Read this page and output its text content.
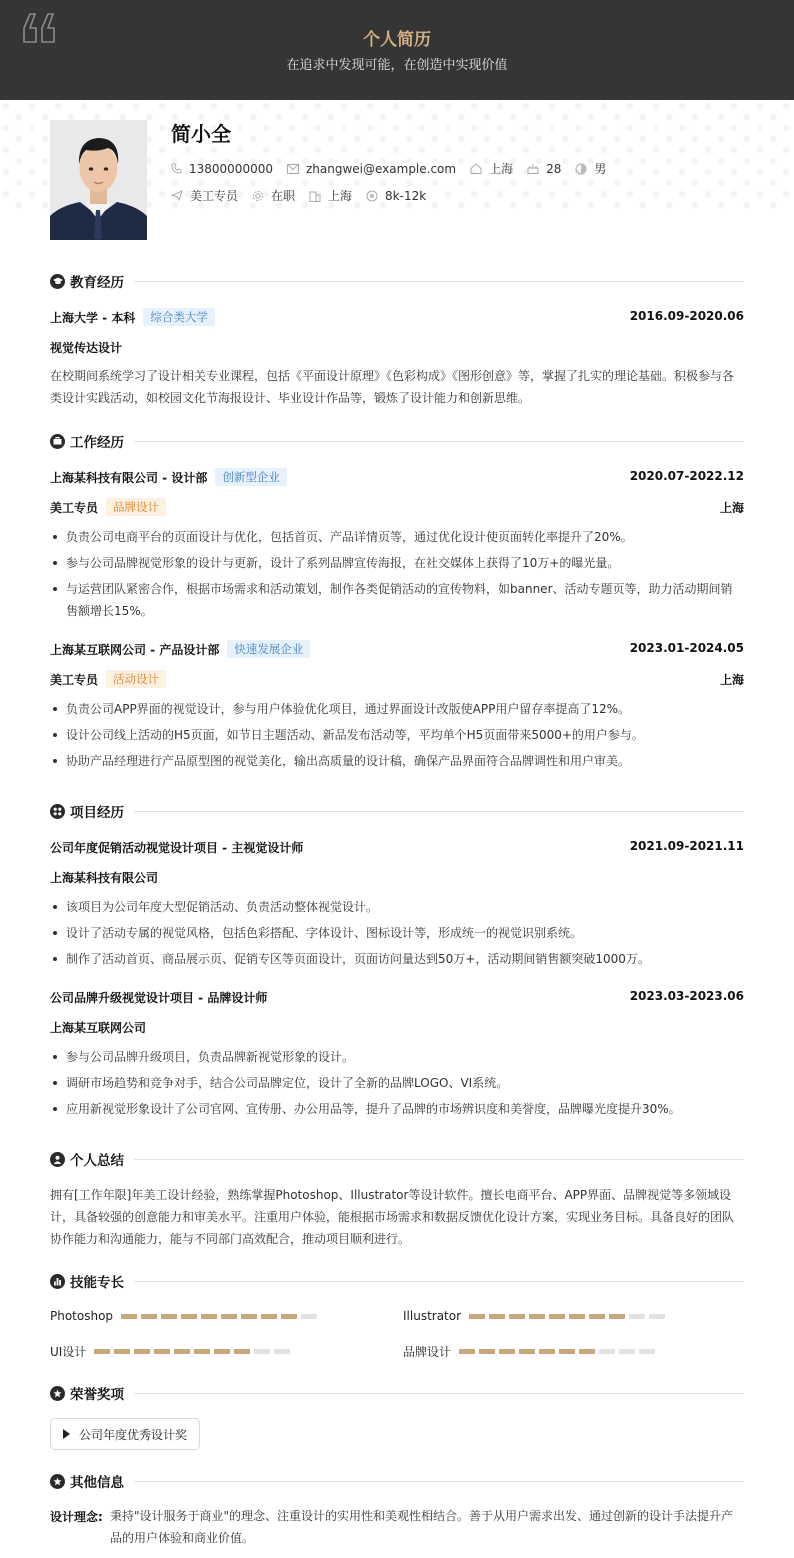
个人简历
在追求中发现可能，在创造中实现价值
简小全
13800000000	zhangwei@example.com	上海	28	男
美工专员	在职	上海	8k-12k
教育经历
上海大学 - 本科 综合类大学	2016.09-2020.06
视觉传达设计
在校期间系统学习了设计相关专业课程，包括《平面设计原理》《色彩构成》《图形创意》等，掌握了扎实的理论基础。积极参与各类设计实践活动，如校园文化节海报设计、毕业设计作品等，锻炼了设计能力和创新思维。
工作经历
上海某科技有限公司 - 设计部 创新型企业	2020.07-2022.12
美工专员 品牌设计	上海
负责公司电商平台的页面设计与优化，包括首页、产品详情页等，通过优化设计使页面转化率提升了20%。
参与公司品牌视觉形象的设计与更新，设计了系列品牌宣传海报，在社交媒体上获得了10万+的曝光量。
与运营团队紧密合作，根据市场需求和活动策划，制作各类促销活动的宣传物料，如banner、活动专题页等，助力活动期间销售额增长15%。
上海某互联网公司 - 产品设计部 快速发展企业	2023.01-2024.05
美工专员 活动设计	上海
负责公司APP界面的视觉设计，参与用户体验优化项目，通过界面设计改版使APP用户留存率提高了12%。
设计公司线上活动的H5页面，如节日主题活动、新品发布活动等，平均单个H5页面带来5000+的用户参与。
协助产品经理进行产品原型图的视觉美化，输出高质量的设计稿，确保产品界面符合品牌调性和用户审美。
项目经历
公司年度促销活动视觉设计项目 - 主视觉设计师	2021.09-2021.11
上海某科技有限公司
该项目为公司年度大型促销活动、负责活动整体视觉设计。
设计了活动专属的视觉风格，包括色彩搭配、字体设计、图标设计等，形成统一的视觉识别系统。
制作了活动首页、商品展示页、促销专区等页面设计，页面访问量达到50万+，活动期间销售额突破1000万。
公司品牌升级视觉设计项目 - 品牌设计师	2023.03-2023.06
上海某互联网公司
参与公司品牌升级项目，负责品牌新视觉形象的设计。
调研市场趋势和竞争对手，结合公司品牌定位，设计了全新的品牌LOGO、VI系统。
应用新视觉形象设计了公司官网、宣传册、办公用品等，提升了品牌的市场辨识度和美誉度，品牌曝光度提升30%。
个人总结
拥有[工作年限]年美工设计经验，熟练掌握Photoshop、Illustrator等设计软件。擅长电商平台、APP界面、品牌视觉等多领域设计，具备较强的创意能力和审美水平。注重用户体验，能根据市场需求和数据反馈优化设计方案，实现业务目标。具备良好的团队协作能力和沟通能力，能与不同部门高效配合，推动项目顺利进行。
技能专长
Photoshop	Illustrator
UI设计	品牌设计
荣誉奖项
公司年度优秀设计奖
其他信息
设计理念: 秉持"设计服务于商业"的理念、注重设计的实用性和美观性相结合。善于从用户需求出发、通过创新的设计手法提升产品的用户体验和商业价值。
